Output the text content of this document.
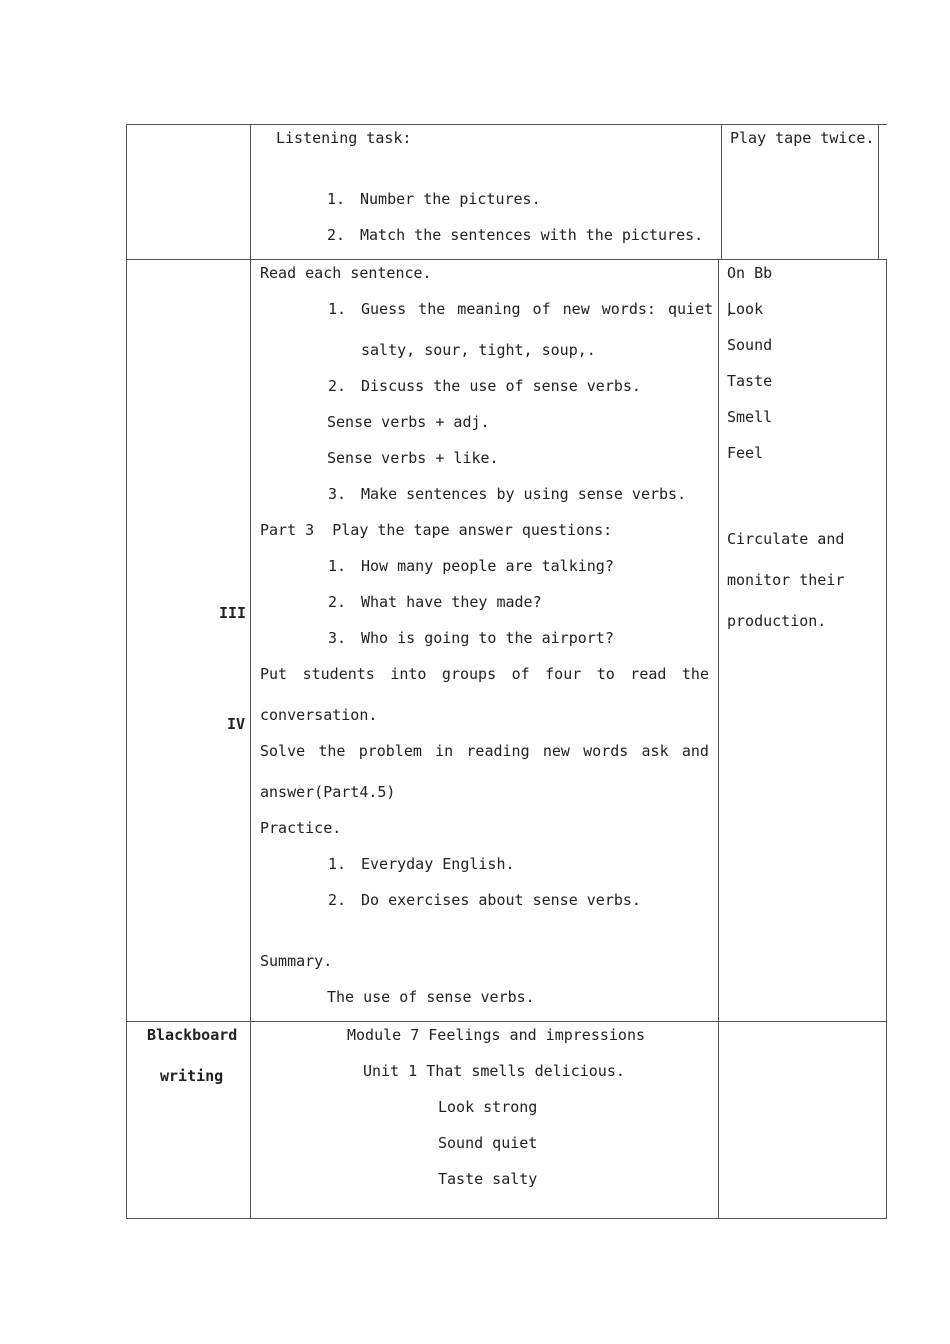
Listening task:
1. Number the pictures.
2. Match the sentences with the pictures.
Play tape twice.
III
IV
Read each sentence.
1. Guess the meaning of new words: quiet ,
salty, sour, tight, soup,.
2. Discuss the use of sense verbs.
Sense verbs + adj.
Sense verbs + like.
3. Make sentences by using sense verbs.
Part 3  Play the tape answer questions:
1. How many people are talking?
2. What have they made?
3. Who is going to the airport?
Put students into groups of four to read the
conversation.
Solve the problem in reading new words ask and
answer(Part4.5)
Practice.
1. Everyday English.
2. Do exercises about sense verbs.
Summary.
The use of sense verbs.
On Bb
Look
Sound
Taste
Smell
Feel
Circulate and
monitor their
production.
Blackboard
writing
Module 7 Feelings and impressions
Unit 1 That smells delicious.
Look strong
Sound quiet
Taste salty
